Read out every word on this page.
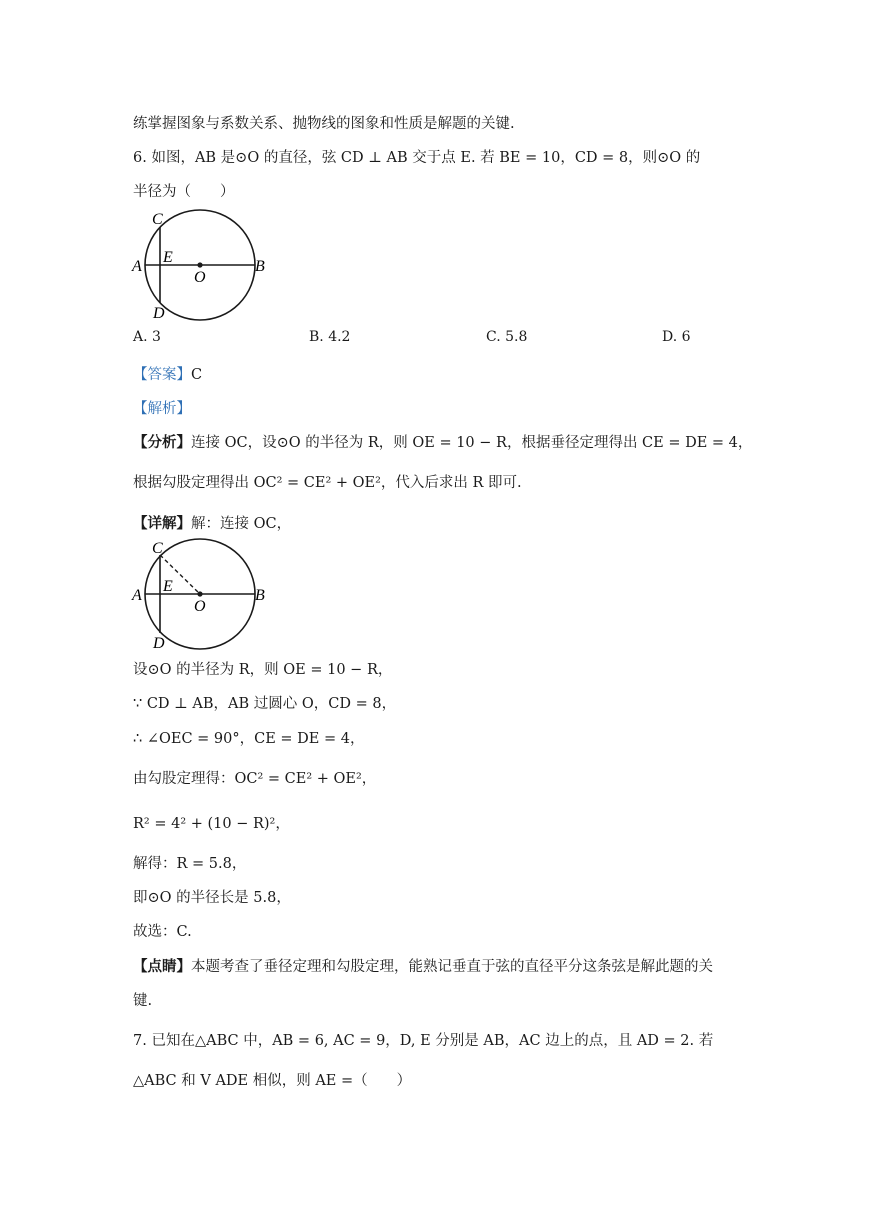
练掌握图象与系数关系、抛物线的图象和性质是解题的关键.
6. 如图，AB 是⊙O 的直径，弦 CD ⊥ AB 交于点 E. 若 BE = 10，CD = 8，则⊙O 的
半径为（　　）
C
E
A
O
B
D
A. 3	B. 4.2	C. 5.8	D. 6
【答案】C
【解析】
【分析】连接 OC，设⊙O 的半径为 R，则 OE = 10 − R，根据垂径定理得出 CE = DE = 4，
根据勾股定理得出 OC² = CE² + OE²，代入后求出 R 即可.
【详解】解：连接 OC，
C
E
A
O
B
D
设⊙O 的半径为 R，则 OE = 10 − R，
∵ CD ⊥ AB，AB 过圆心 O，CD = 8，
∴ ∠OEC = 90°，CE = DE = 4，
由勾股定理得：OC² = CE² + OE²，
R² = 4² + (10 − R)²，
解得：R = 5.8，
即⊙O 的半径长是 5.8，
故选：C.
【点睛】本题考查了垂径定理和勾股定理，能熟记垂直于弦的直径平分这条弦是解此题的关
键.
7. 已知在△ABC 中，AB = 6, AC = 9，D, E 分别是 AB，AC 边上的点，且 AD = 2. 若
△ABC 和 V ADE 相似，则 AE =（　　）
